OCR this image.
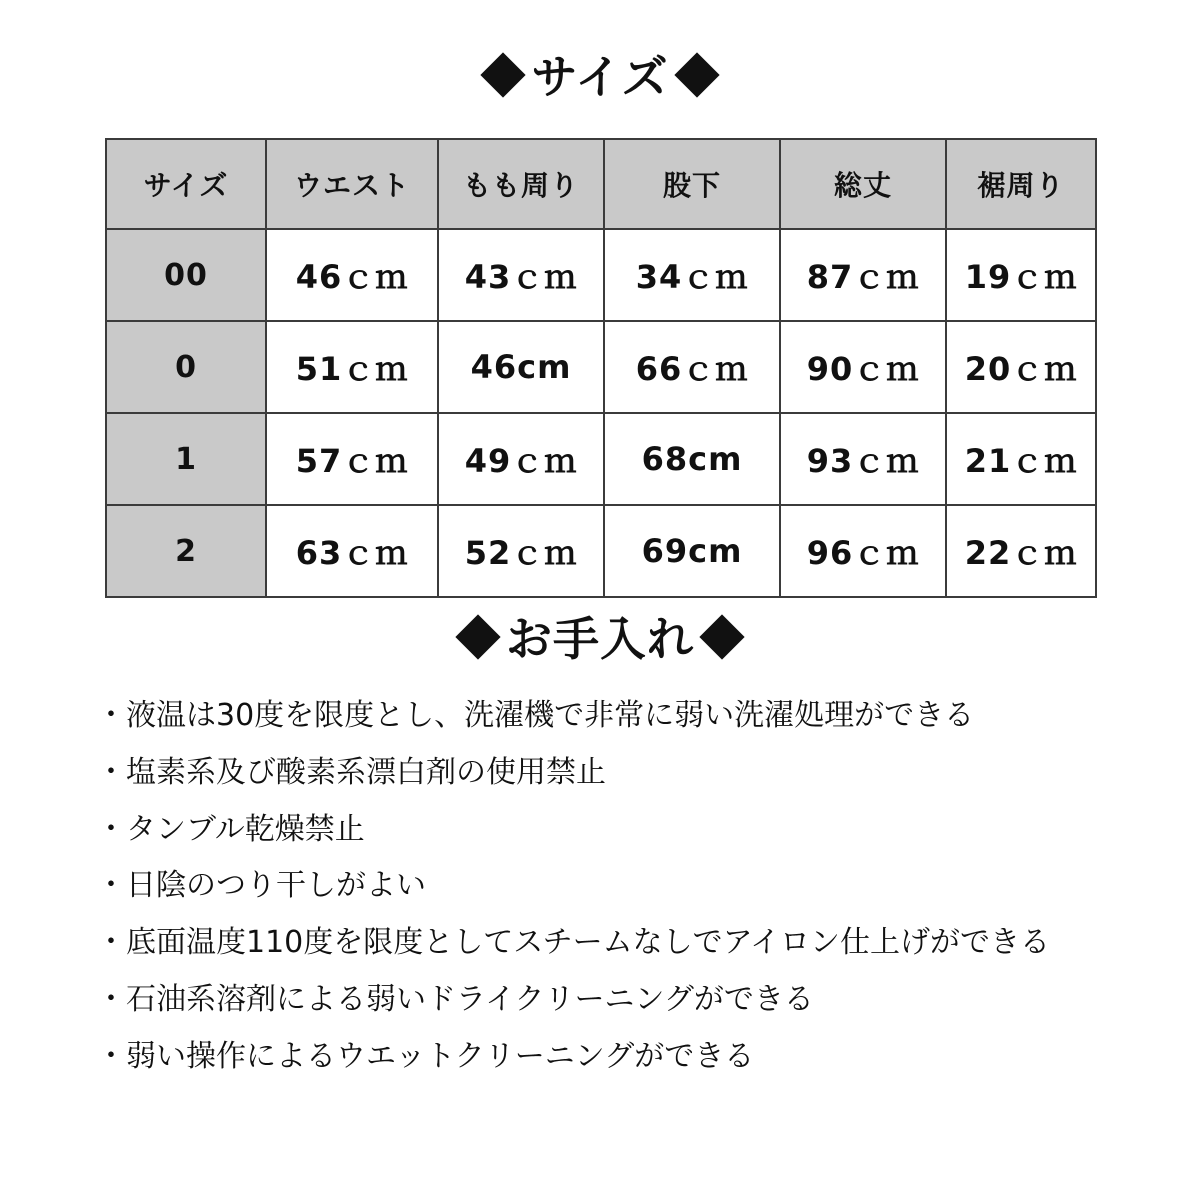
サイズ
サイズ	ウエスト	もも周り	股下	総丈	裾周り
00	46ｃｍ	43ｃｍ	34ｃｍ	87ｃｍ	19ｃｍ
0	51ｃｍ	46cm	66ｃｍ	90ｃｍ	20ｃｍ
1	57ｃｍ	49ｃｍ	68cm	93ｃｍ	21ｃｍ
2	63ｃｍ	52ｃｍ	69cm	96ｃｍ	22ｃｍ
お手入れ
・液温は30度を限度とし、洗濯機で非常に弱い洗濯処理ができる
・塩素系及び酸素系漂白剤の使用禁止
・タンブル乾燥禁止
・日陰のつり干しがよい
・底面温度110度を限度としてスチームなしでアイロン仕上げができる
・石油系溶剤による弱いドライクリーニングができる
・弱い操作によるウエットクリーニングができる
